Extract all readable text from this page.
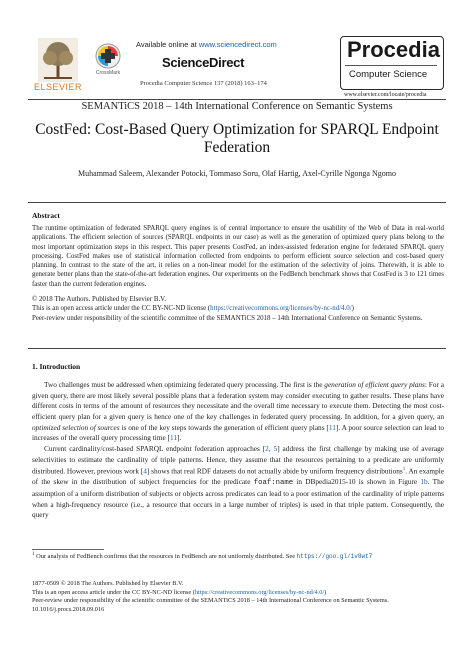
ELSEVIER
CrossMark
Available online at www.sciencedirect.com
ScienceDirect
Procedia Computer Science 137 (2018) 163–174
Procedia
Computer Science
www.elsevier.com/locate/procedia
SEMANTiCS 2018 – 14th International Conference on Semantic Systems
CostFed: Cost-Based Query Optimization for SPARQL Endpoint
Federation
Muhammad Saleem, Alexander Potocki, Tommaso Soru, Olaf Hartig, Axel-Cyrille Ngonga Ngomo
Abstract
The runtime optimization of federated SPARQL query engines is of central importance to ensure the usability of the Web of Data in real-world applications. The efficient selection of sources (SPARQL endpoints in our case) as well as the generation of optimized query plans belong to the most important optimization steps in this respect. This paper presents CostFed, an index-assisted federation engine for federated SPARQL query processing. CostFed makes use of statistical information collected from endpoints to perform efficient source selection and cost-based query planning. In contrast to the state of the art, it relies on a non-linear model for the estimation of the selectivity of joins. Therewith, it is able to generate better plans than the state-of-the-art federation engines. Our experiments on the FedBench benchmark shows that CostFed is 3 to 121 times faster than the current federation engines.
© 2018 The Authors. Published by Elsevier B.V.
This is an open access article under the CC BY-NC-ND license (https://creativecommons.org/licenses/by-nc-nd/4.0/)
Peer-review under responsibility of the scientific committee of the SEMANTiCS 2018 – 14th International Conference on Semantic Systems.
1. Introduction

Two challenges must be addressed when optimizing federated query processing. The first is the generation of efficient query plans: For a given query, there are most likely several possible plans that a federation system may consider executing to gather results. These plans have different costs in terms of the amount of resources they necessitate and the overall time necessary to execute them. Detecting the most cost-efficient query plan for a given query is hence one of the key challenges in federated query processing. In addition, for a given query, an optimized selection of sources is one of the key steps towards the generation of efficient query plans [11]. A poor source selection can lead to increases of the overall query processing time [11].

Current cardinality/cost-based SPARQL endpoint federation approaches [2, 5] address the first challenge by making use of average selectivities to estimate the cardinality of triple patterns. Hence, they assume that the resources pertaining to a predicate are uniformly distributed. However, previous work [4] shows that real RDF datasets do not actually abide by uniform frequency distributions$^1$. An example of the skew in the distribution of subject frequencies for the predicate foaf:name in DBpedia2015-10 is shown in Figure 1b. The assumption of a uniform distribution of subjects or objects across predicates can lead to a poor estimation of the cardinality of triple patterns when a high-frequency resource (i.e., a resource that occurs in a large number of triples) is used in that triple pattern. Consequently, the query

$^1$ Our analysis of FedBench confirms that the resources in FedBench are not uniformly distributed. See https://goo.gl/1v8wt7
1877-0509 © 2018 The Authors. Published by Elsevier B.V.
This is an open access article under the CC BY-NC-ND license (https://creativecommons.org/licenses/by-nc-nd/4.0/)
Peer-review under responsibility of the scientific committee of the SEMANTiCS 2018 – 14th International Conference on Semantic Systems.
10.1016/j.procs.2018.09.016
